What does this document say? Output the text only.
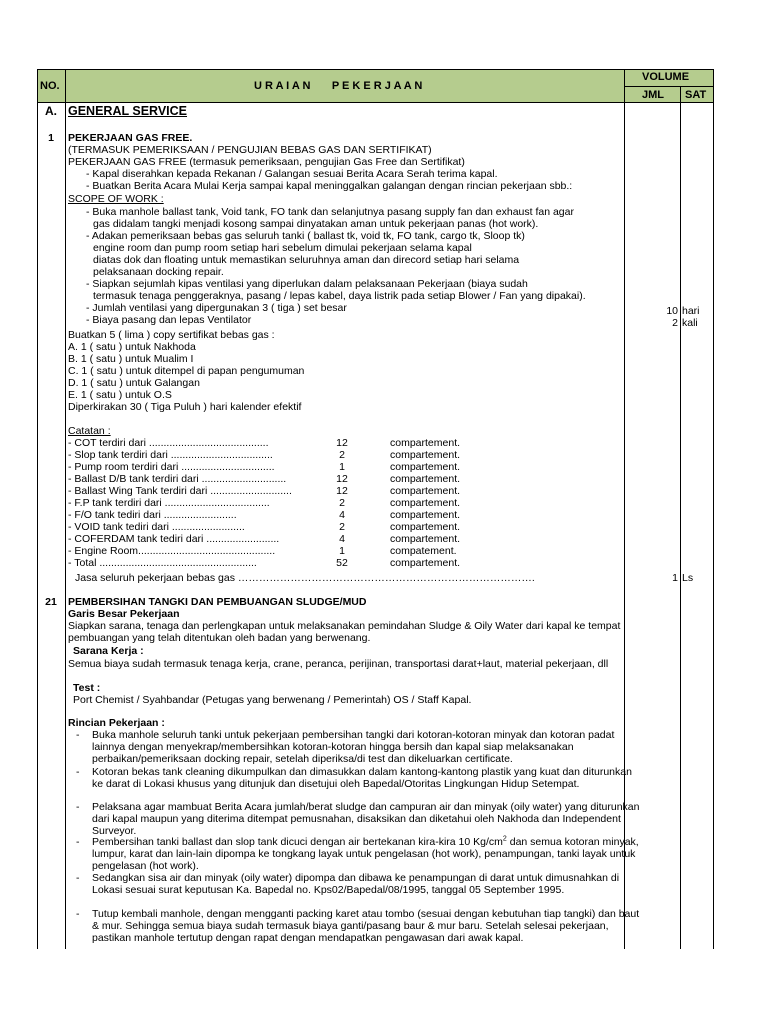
NO.	U R A I A N       P E K E R J A A N
VOLUME
JML SAT
A. GENERAL SERVICE
1	PEKERJAAN GAS FREE.
(TERMASUK PEMERIKSAAN / PENGUJIAN BEBAS GAS DAN SERTIFIKAT)
PEKERJAAN GAS FREE (termasuk pemeriksaan, pengujian Gas Free dan Sertifikat)
- Kapal diserahkan kepada Rekanan / Galangan sesuai Berita Acara Serah terima kapal.
- Buatkan Berita Acara Mulai Kerja sampai kapal meninggalkan galangan dengan rincian pekerjaan sbb.:
SCOPE OF WORK :
- Buka manhole ballast tank, Void tank, FO tank dan selanjutnya pasang supply fan dan exhaust fan agar
gas didalam tangki menjadi kosong sampai dinyatakan aman untuk pekerjaan panas (hot work).
- Adakan pemeriksaan bebas gas seluruh tanki ( ballast tk, void tk, FO tank, cargo tk, Sloop tk)
engine room dan pump room setiap hari sebelum dimulai pekerjaan selama kapal
diatas dok dan floating untuk memastikan seluruhnya aman dan direcord setiap hari selama
pelaksanaan docking repair.
- Siapkan sejumlah kipas ventilasi yang diperlukan dalam pelaksanaan Pekerjaan (biaya sudah
termasuk tenaga penggeraknya, pasang / lepas kabel, daya listrik pada setiap Blower / Fan yang dipakai).
- Jumlah ventilasi yang dipergunakan 3 ( tiga ) set besar
- Biaya pasang dan lepas Ventilator
10 hari
2 kali
Buatkan 5 ( lima ) copy sertifikat bebas gas :
A. 1 ( satu ) untuk Nakhoda
B. 1 ( satu ) untuk Mualim I
C. 1 ( satu ) untuk ditempel di papan pengumuman
D. 1 ( satu ) untuk Galangan
E. 1 ( satu ) untuk O.S
Diperkirakan 30 ( Tiga Puluh ) hari kalender efektif
Catatan :
- COT terdiri dari .........................................	12	compartement.
- Slop tank terdiri dari ...................................	2	compartement.
- Pump room terdiri dari ................................	1	compartement.
- Ballast D/B tank terdiri dari .............................	12	compartement.
- Ballast Wing Tank terdiri dari ............................	12	compartement.
- F.P tank terdiri dari ....................................	2	compartement.
- F/O tank tediri dari .........................	4	compartement.
- VOID tank tediri dari .........................	2	compartement.
- COFERDAM tank tediri dari .........................	4	compartement.
- Engine Room...............................................	1	compatement.
- Total ......................................................	52	compartement.
Jasa seluruh pekerjaan bebas gas ………………………………………………………………………….	1 Ls
21	PEMBERSIHAN TANGKI DAN PEMBUANGAN SLUDGE/MUD
Garis Besar Pekerjaan
Siapkan sarana, tenaga dan perlengkapan untuk melaksanakan pemindahan Sludge & Oily Water dari kapal ke tempat
pembuangan yang telah ditentukan oleh badan yang berwenang.
Sarana Kerja :
Semua biaya sudah termasuk tenaga kerja, crane, peranca, perijinan, transportasi darat+laut, material pekerjaan, dll
Test :
Port Chemist / Syahbandar (Petugas yang berwenang / Pemerintah) OS / Staff Kapal.
Rincian Pekerjaan :
- Buka manhole seluruh tanki untuk pekerjaan pembersihan tangki dari kotoran-kotoran minyak dan kotoran padat
lainnya dengan menyekrap/membersihkan kotoran-kotoran hingga bersih dan kapal siap melaksanakan
perbaikan/pemeriksaan docking repair, setelah diperiksa/di test dan dikeluarkan certificate.
- Kotoran bekas tank cleaning dikumpulkan dan dimasukkan dalam kantong-kantong plastik yang kuat dan diturunkan
ke darat di Lokasi khusus yang ditunjuk dan disetujui oleh Bapedal/Otoritas Lingkungan Hidup Setempat.
- Pelaksana agar mambuat Berita Acara jumlah/berat sludge dan campuran air dan minyak (oily water) yang diturunkan
dari kapal maupun yang diterima ditempat pemusnahan, disaksikan dan diketahui oleh Nakhoda dan Independent
Surveyor.
- Pembersihan tanki ballast dan slop tank dicuci dengan air bertekanan kira-kira 10 $Kg/cm^2$ dan semua kotoran minyak,
lumpur, karat dan lain-lain dipompa ke tongkang layak untuk pengelasan (hot work), penampungan, tanki layak untuk
pengelasan (hot work).
- Sedangkan sisa air dan minyak (oily water) dipompa dan dibawa ke penampungan di darat untuk dimusnahkan di
Lokasi sesuai surat keputusan Ka. Bapedal no. Kps02/Bapedal/08/1995, tanggal 05 September 1995.
- Tutup kembali manhole, dengan mengganti packing karet atau tombo (sesuai dengan kebutuhan tiap tangki) dan baut
& mur. Sehingga semua biaya sudah termasuk biaya ganti/pasang baur & mur baru. Setelah selesai pekerjaan,
pastikan manhole tertutup dengan rapat dengan mendapatkan pengawasan dari awak kapal.
